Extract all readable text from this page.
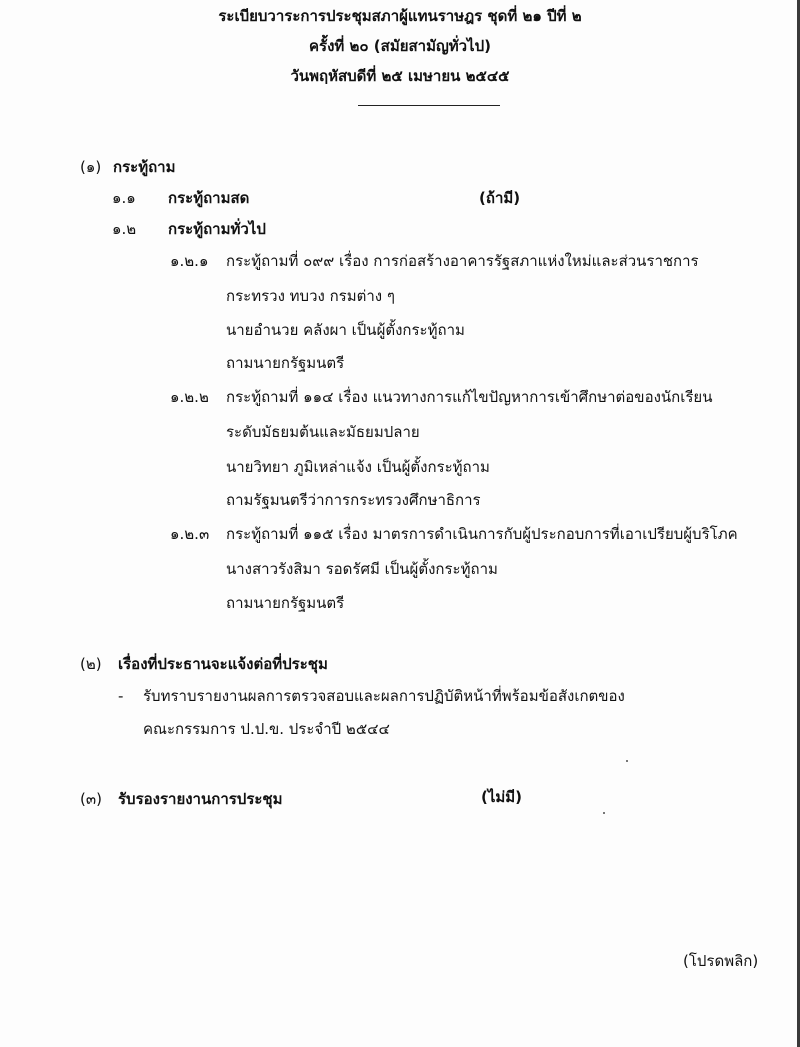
ระเบียบวาระการประชุมสภาผู้แทนราษฎร ชุดที่ ๒๑ ปีที่ ๒
ครั้งที่ ๒๐ (สมัยสามัญทั่วไป)
วันพฤหัสบดีที่ ๒๕ เมษายน ๒๕๔๕
(๑) กระทู้ถาม
๑.๑ กระทู้ถามสด	(ถ้ามี)
๑.๒ กระทู้ถามทั่วไป
๑.๒.๑ กระทู้ถามที่ ๐๙๙ เรื่อง การก่อสร้างอาคารรัฐสภาแห่งใหม่และส่วนราชการ
กระทรวง ทบวง กรมต่าง ๆ
นายอำนวย คลังผา เป็นผู้ตั้งกระทู้ถาม
ถามนายกรัฐมนตรี
๑.๒.๒ กระทู้ถามที่ ๑๑๔ เรื่อง แนวทางการแก้ไขปัญหาการเข้าศึกษาต่อของนักเรียน
ระดับมัธยมต้นและมัธยมปลาย
นายวิทยา ภูมิเหล่าแจ้ง เป็นผู้ตั้งกระทู้ถาม
ถามรัฐมนตรีว่าการกระทรวงศึกษาธิการ
๑.๒.๓ กระทู้ถามที่ ๑๑๕ เรื่อง มาตรการดำเนินการกับผู้ประกอบการที่เอาเปรียบผู้บริโภค
นางสาวรังสิมา รอดรัศมี เป็นผู้ตั้งกระทู้ถาม
ถามนายกรัฐมนตรี
(๒) เรื่องที่ประธานจะแจ้งต่อที่ประชุม
- รับทราบรายงานผลการตรวจสอบและผลการปฏิบัติหน้าที่พร้อมข้อสังเกตของ
คณะกรรมการ ป.ป.ข. ประจำปี ๒๕๔๔
(๓) รับรองรายงานการประชุม	(ไม่มี)
(โปรดพลิก)
